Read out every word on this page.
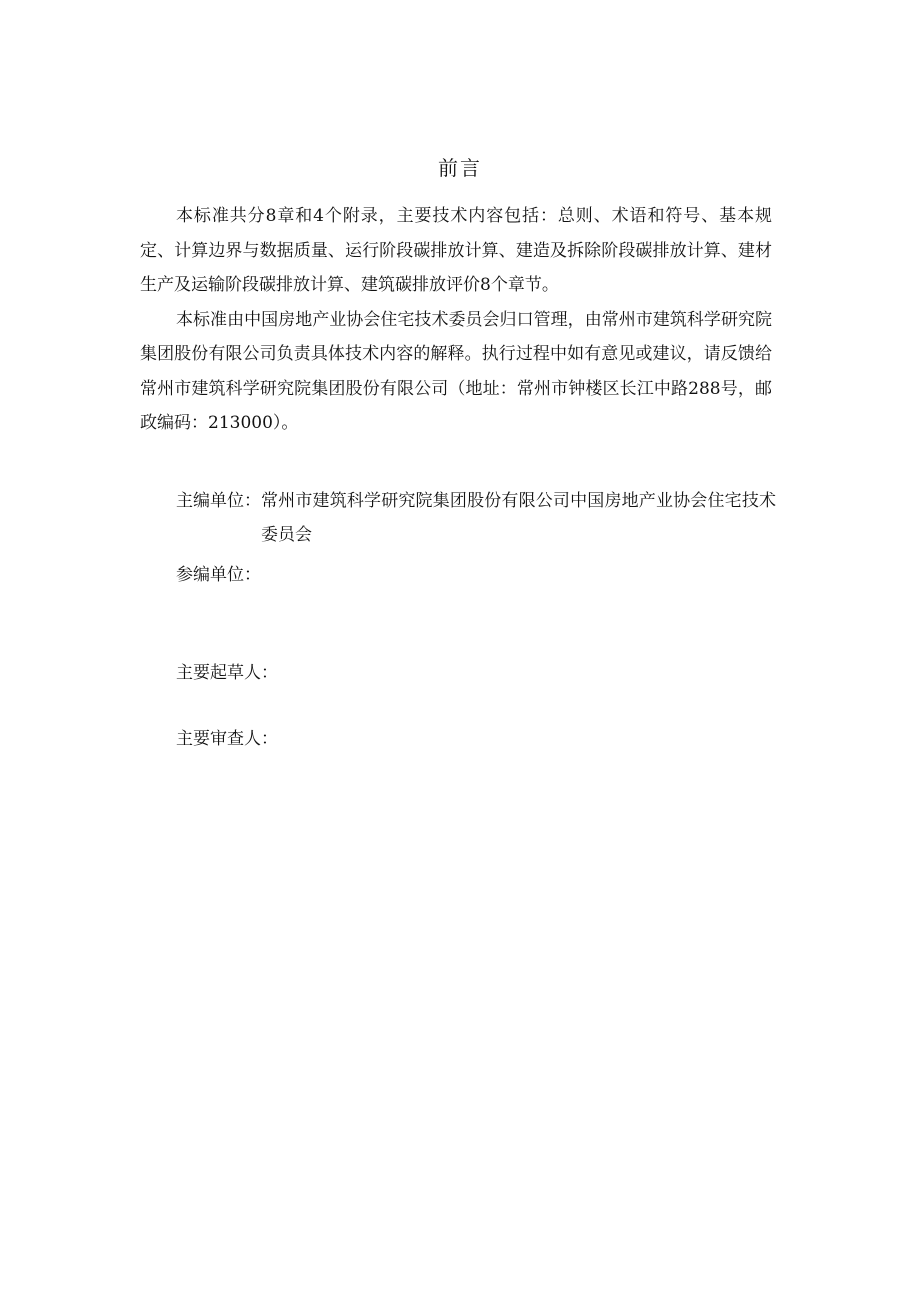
前言

本标准共分8章和4个附录，主要技术内容包括：总则、术语和符号、基本规定、计算边界与数据质量、运行阶段碳排放计算、建造及拆除阶段碳排放计算、建材生产及运输阶段碳排放计算、建筑碳排放评价8个章节。

本标准由中国房地产业协会住宅技术委员会归口管理，由常州市建筑科学研究院集团股份有限公司负责具体技术内容的解释。执行过程中如有意见或建议，请反馈给常州市建筑科学研究院集团股份有限公司（地址：常州市钟楼区长江中路288号，邮政编码：213000）。

主编单位： 常州市建筑科学研究院集团股份有限公司中国房地产业协会住宅技术委员会
参编单位：
主要起草人：
主要审查人：
